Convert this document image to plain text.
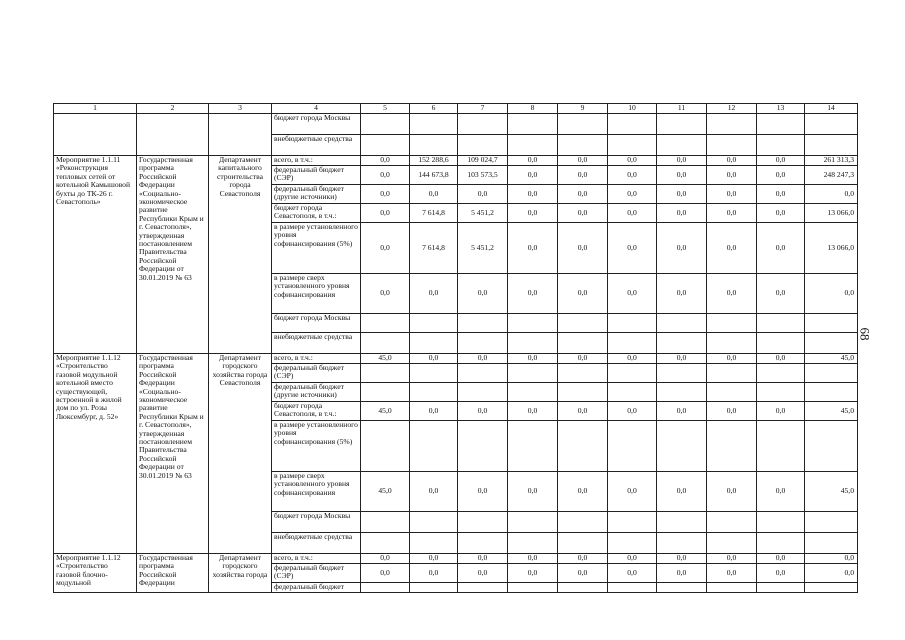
1	2	3	4	5	6	7	8	9	10	11	12	13	14
			бюджет города Москвы										
			внебюджетные средства										
Мероприятие 1.1.11 «Реконструкция тепловых сетей от котельной Камышовой бухты до ТК-26 г. Севастополь»	Государственная программа Российской Федерации «Социально-экономическое развитие Республики Крым и г. Севастополя», утвержденная постановлением Правительства Российской Федерации от 30.01.2019 № 63	Департамент капитального строительства города Севастополя	всего, в т.ч.:	0,0	152 288,6	109 024,7	0,0	0,0	0,0	0,0	0,0	0,0	261 313,3
			федеральный бюджет (СЭР)	0,0	144 673,8	103 573,5	0,0	0,0	0,0	0,0	0,0	0,0	248 247,3
			федеральный бюджет (другие источники)	0,0	0,0	0,0	0,0	0,0	0,0	0,0	0,0	0,0	0,0
			бюджет города Севастополя, в т.ч.:	0,0	7 614,8	5 451,2	0,0	0,0	0,0	0,0	0,0	0,0	13 066,0
			в размере установленного уровня софинансирования (5%)	0,0	7 614,8	5 451,2	0,0	0,0	0,0	0,0	0,0	0,0	13 066,0
			в размере сверх установленного уровня софинансирования	0,0	0,0	0,0	0,0	0,0	0,0	0,0	0,0	0,0	0,0
			бюджет города Москвы										
			внебюджетные средства										
Мероприятие 1.1.12 «Строительство газовой модульной котельной вместо существующей, встроенной в жилой дом по ул. Розы Люксембург, д. 52»	Государственная программа Российской Федерации «Социально-экономическое развитие Республики Крым и г. Севастополя», утвержденная постановлением Правительства Российской Федерации от 30.01.2019 № 63	Департамент городского хозяйства города Севастополя	всего, в т.ч.:	45,0	0,0	0,0	0,0	0,0	0,0	0,0	0,0	0,0	45,0
			федеральный бюджет (СЭР)										
			федеральный бюджет (другие источники)										
			бюджет города Севастополя, в т.ч.:	45,0	0,0	0,0	0,0	0,0	0,0	0,0	0,0	0,0	45,0
			в размере установленного уровня софинансирования (5%)										
			в размере сверх установленного уровня софинансирования	45,0	0,0	0,0	0,0	0,0	0,0	0,0	0,0	0,0	45,0
			бюджет города Москвы										
			внебюджетные средства										
Мероприятие 1.1.12 «Строительство газовой блочно-модульной	Государственная программа Российской Федерации	Департамент городского хозяйства города	всего, в т.ч.:	0,0	0,0	0,0	0,0	0,0	0,0	0,0	0,0	0,0	0,0
			федеральный бюджет (СЭР)	0,0	0,0	0,0	0,0	0,0	0,0	0,0	0,0	0,0	0,0
			федеральный бюджет										
68
